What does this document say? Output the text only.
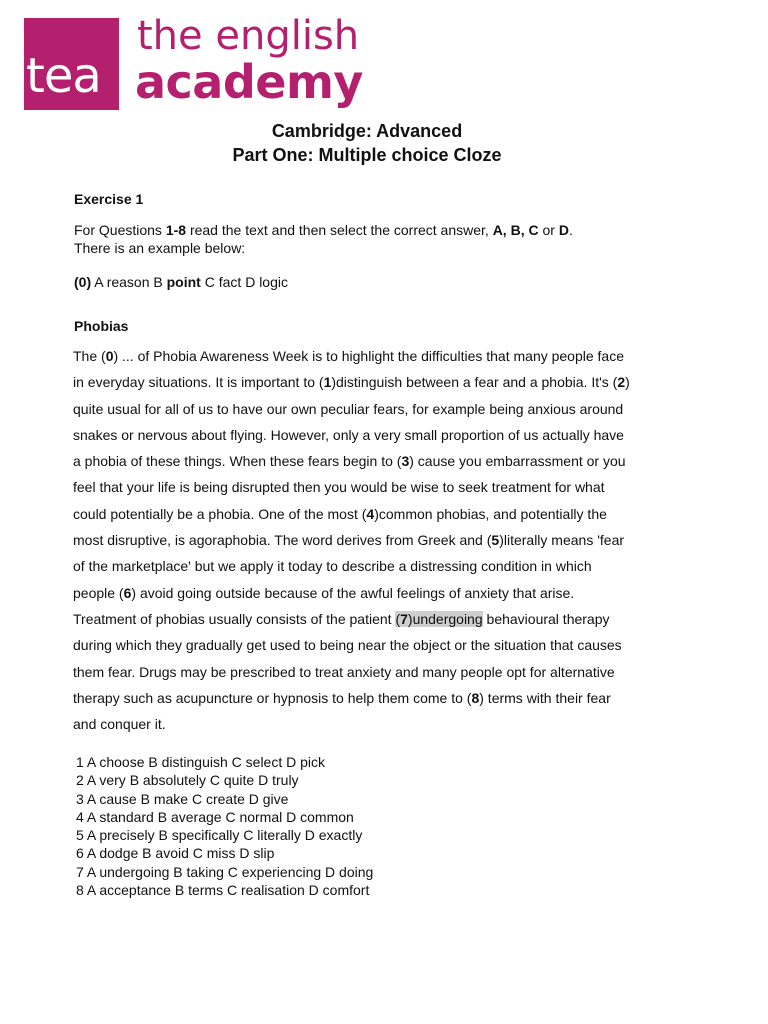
tea
the english
academy
Cambridge: Advanced
Part One: Multiple choice Cloze
Exercise 1
For Questions 1-8 read the text and then select the correct answer, A, B, C or D.
There is an example below:
(0) A reason B point C fact D logic
Phobias
The (0) ... of Phobia Awareness Week is to highlight the difficulties that many people face
in everyday situations. It is important to (1)distinguish between a fear and a phobia. It's (2)
quite usual for all of us to have our own peculiar fears, for example being anxious around
snakes or nervous about flying. However, only a very small proportion of us actually have
a phobia of these things. When these fears begin to (3) cause you embarrassment or you
feel that your life is being disrupted then you would be wise to seek treatment for what
could potentially be a phobia. One of the most (4)common phobias, and potentially the
most disruptive, is agoraphobia. The word derives from Greek and (5)literally means 'fear
of the marketplace' but we apply it today to describe a distressing condition in which
people (6) avoid going outside because of the awful feelings of anxiety that arise.
Treatment of phobias usually consists of the patient (7)undergoing behavioural therapy
during which they gradually get used to being near the object or the situation that causes
them fear. Drugs may be prescribed to treat anxiety and many people opt for alternative
therapy such as acupuncture or hypnosis to help them come to (8) terms with their fear
and conquer it.
1 A choose B distinguish C select D pick
2 A very B absolutely C quite D truly
3 A cause B make C create D give
4 A standard B average C normal D common
5 A precisely B specifically C literally D exactly
6 A dodge B avoid C miss D slip
7 A undergoing B taking C experiencing D doing
8 A acceptance B terms C realisation D comfort
